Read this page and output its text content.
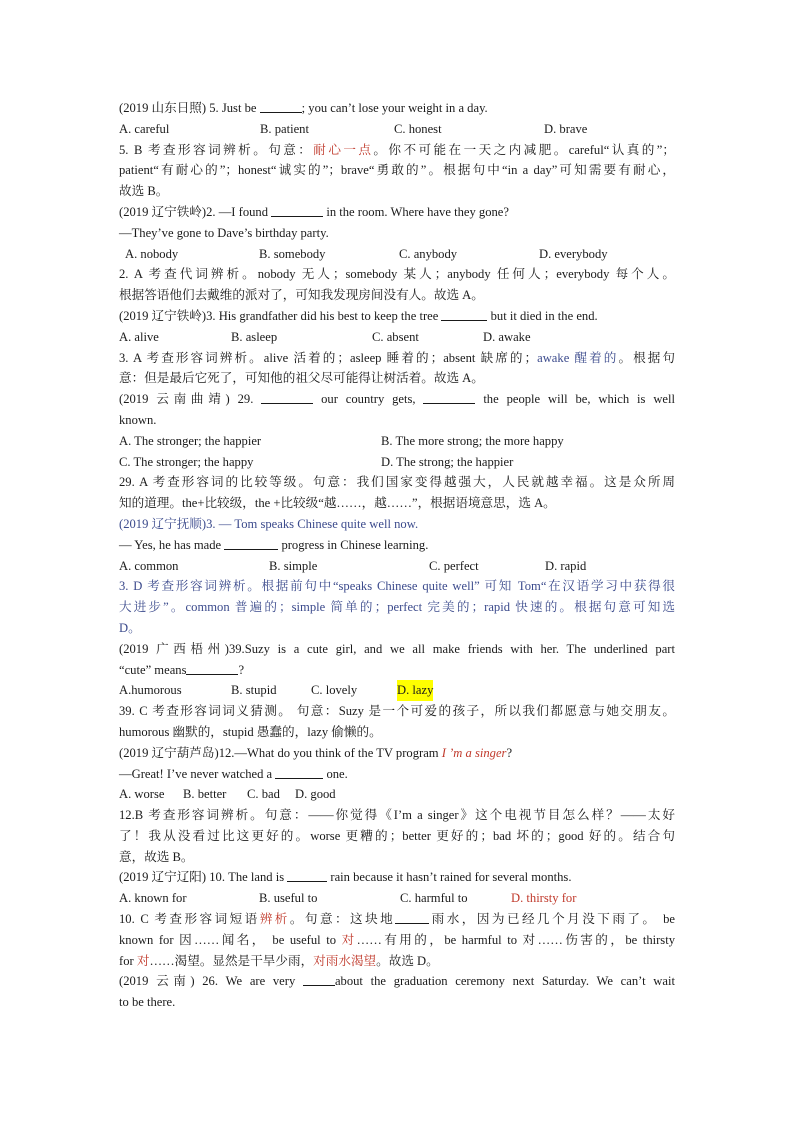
(2019 山东日照) 5. Just be	; you can’t lose your weight in a day.
A. careful	B. patient	C. honest	D. brave
5. B 考查形容词辨析。句意：耐心一点。你不可能在一天之内减肥。careful“认真的”；
patient“有耐心的”；honest“诚实的”；brave“勇敢的”。根据句中“in a day”可知需要有耐心，
故选 B。
(2019 辽宁铁岭)2. —I found	in the room. Where have they gone?
—They’ve gone to Dave’s birthday party.
A. nobody	B. somebody	C. anybody	D. everybody
2. A 考查代词辨析。nobody 无人；somebody 某人；anybody 任何人；everybody 每个人。
根据答语他们去戴维的派对了，可知我发现房间没有人。故选 A。
(2019 辽宁铁岭)3. His grandfather did his best to keep the tree	but it died in the end.
A. alive	B. asleep	C. absent	D. awake
3. A 考查形容词辨析。alive 活着的；asleep 睡着的；absent 缺席的；awake 醒着的。根据句
意：但是最后它死了，可知他的祖父尽可能得让树活着。故选 A。
(2019 云南曲靖) 29.	our country gets,	the people will be, which is well
known.
A. The stronger; the happier	B. The more strong; the more happy
C. The stronger; the happy	D. The strong; the happier
29. A 考查形容词的比较等级。句意：我们国家变得越强大，人民就越幸福。这是众所周
知的道理。the+比较级，the +比较级“越……，越……”，根据语境意思，选 A。
(2019 辽宁抚顺)3. — Tom speaks Chinese quite well now.
— Yes, he has made	progress in Chinese learning.
A. common	B. simple	C. perfect	D. rapid
3. D 考查形容词辨析。根据前句中“speaks Chinese quite well” 可知 Tom“在汉语学习中获得很
大进步”。common 普遍的；simple 简单的；perfect 完美的；rapid 快速的。根据句意可知选
D。
(2019 广西梧州)39.Suzy is a cute girl, and we all make friends with her. The underlined part
“cute” means	?
A.humorous	B. stupid	C. lovely	D. lazy
39. C 考查形容词词义猜测。 句意：Suzy 是一个可爱的孩子，所以我们都愿意与她交朋友。
humorous 幽默的，stupid 愚蠢的，lazy 偷懒的。
(2019 辽宁葫芦岛)12.—What do you think of the TV program I ’m a singer?
—Great! I’ve never watched a	one.
A. worse B. better C. bad D. good
12.B 考查形容词辨析。句意：——你觉得《I’m a singer》这个电视节目怎么样？——太好
了！我从没看过比这更好的。worse 更糟的；better 更好的；bad 坏的；good 好的。结合句
意，故选 B。
(2019 辽宁辽阳) 10. The land is	rain because it hasn’t rained for several months.
A. known for	B. useful to	C. harmful to	D. thirsty for
10. C 考查形容词短语辨析。句意：这块地	雨水，因为已经几个月没下雨了。 be
known for 因……闻名， be useful to 对……有用的，be harmful to 对……伤害的，be thirsty
for 对……渴望。显然是干旱少雨，对雨水渴望。故选 D。
(2019 云南) 26. We are very	about the graduation ceremony next Saturday. We can’t wait
to be there.
